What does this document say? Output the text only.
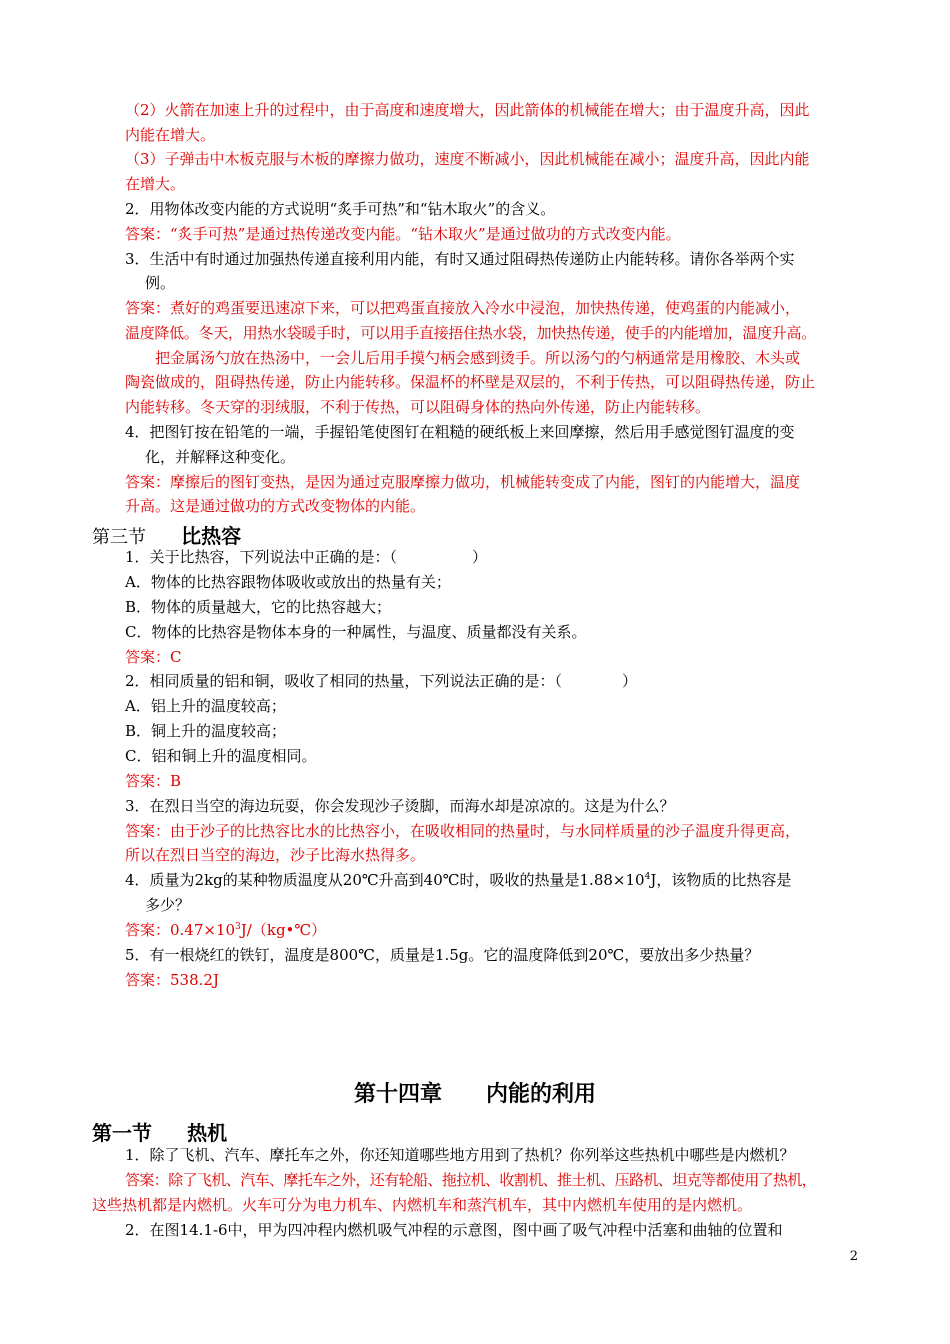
（2）火箭在加速上升的过程中，由于高度和速度增大，因此箭体的机械能在增大；由于温度升高，因此
内能在增大。
（3）子弹击中木板克服与木板的摩擦力做功，速度不断减小，因此机械能在减小；温度升高，因此内能
在增大。
2．用物体改变内能的方式说明“炙手可热”和“钻木取火”的含义。
答案：“炙手可热”是通过热传递改变内能。“钻木取火”是通过做功的方式改变内能。
3．生活中有时通过加强热传递直接利用内能，有时又通过阻碍热传递防止内能转移。请你各举两个实
例。
答案：煮好的鸡蛋要迅速凉下来，可以把鸡蛋直接放入冷水中浸泡，加快热传递，使鸡蛋的内能减小，
温度降低。冬天，用热水袋暖手时，可以用手直接捂住热水袋，加快热传递，使手的内能增加，温度升高。
把金属汤勺放在热汤中，一会儿后用手摸勺柄会感到烫手。所以汤勺的勺柄通常是用橡胶、木头或
陶瓷做成的，阻碍热传递，防止内能转移。保温杯的杯壁是双层的，不利于传热，可以阻碍热传递，防止
内能转移。冬天穿的羽绒服，不利于传热，可以阻碍身体的热向外传递，防止内能转移。
4．把图钉按在铅笔的一端，手握铅笔使图钉在粗糙的硬纸板上来回摩擦，然后用手感觉图钉温度的变
化，并解释这种变化。
答案：摩擦后的图钉变热，是因为通过克服摩擦力做功，机械能转变成了内能，图钉的内能增大，温度
升高。这是通过做功的方式改变物体的内能。
第三节 比热容
1．关于比热容，下列说法中正确的是：（　　　　　）
A．物体的比热容跟物体吸收或放出的热量有关；
B．物体的质量越大，它的比热容越大；
C．物体的比热容是物体本身的一种属性，与温度、质量都没有关系。
答案：C
2．相同质量的铝和铜，吸收了相同的热量，下列说法正确的是：（　　　　）
A．铝上升的温度较高；
B．铜上升的温度较高；
C．铝和铜上升的温度相同。
答案：B
3．在烈日当空的海边玩耍，你会发现沙子烫脚，而海水却是凉凉的。这是为什么？
答案：由于沙子的比热容比水的比热容小，在吸收相同的热量时，与水同样质量的沙子温度升得更高，
所以在烈日当空的海边，沙子比海水热得多。
4．质量为2kg的某种物质温度从20℃升高到40℃时，吸收的热量是$1.88\times 10^4J$，该物质的比热容是
多少？
答案：$0.47\times 10^3J/(kg•℃)$
5．有一根烧红的铁钉，温度是800℃，质量是1.5g。它的温度降低到20℃，要放出多少热量？
答案：538.2J
第十四章　　内能的利用
第一节 热机
1．除了飞机、汽车、摩托车之外，你还知道哪些地方用到了热机？你列举这些热机中哪些是内燃机？
答案：除了飞机、汽车、摩托车之外，还有轮船、拖拉机、收割机、推土机、压路机、坦克等都使用了热机，
这些热机都是内燃机。火车可分为电力机车、内燃机车和蒸汽机车，其中内燃机车使用的是内燃机。
2．在图14.1-6中，甲为四冲程内燃机吸气冲程的示意图，图中画了吸气冲程中活塞和曲轴的位置和
2
